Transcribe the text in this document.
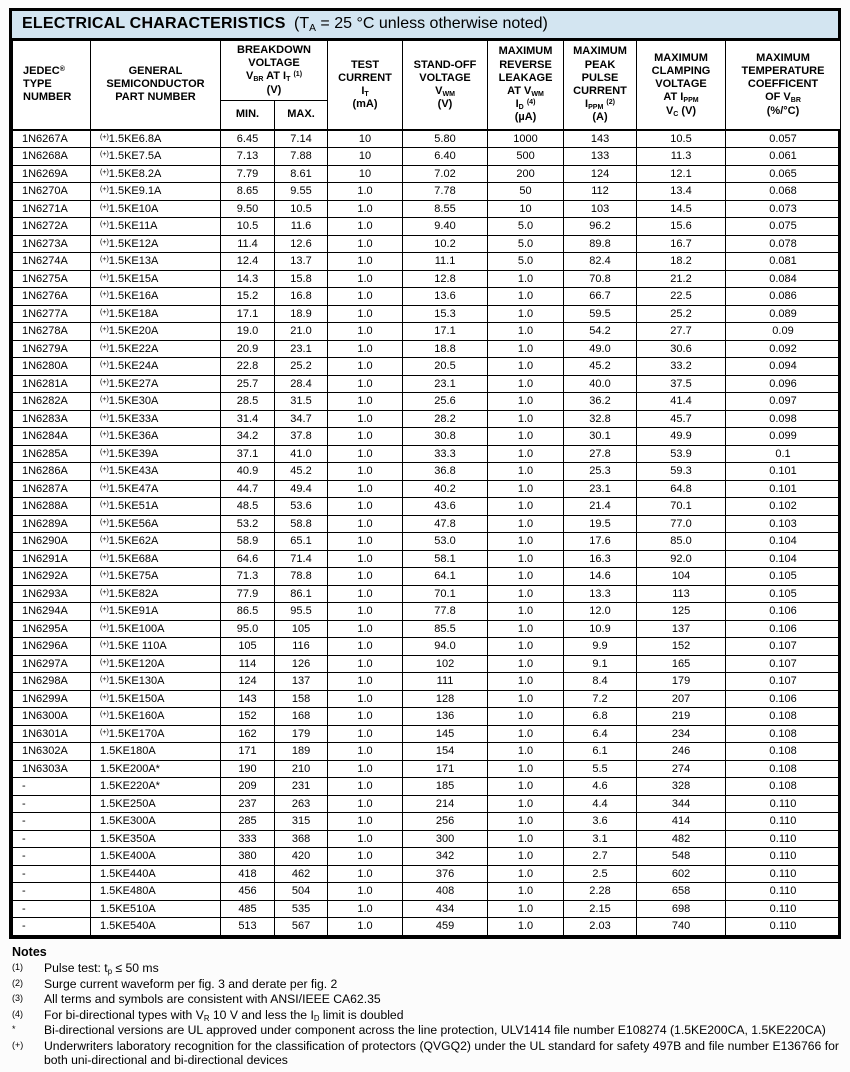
ELECTRICAL CHARACTERISTICS ($T_A = 25$ °C unless otherwise noted)
JEDEC®
TYPE
NUMBER	GENERAL
SEMICONDUCTOR
PART NUMBER	BREAKDOWN
VOLTAGE
$V_{BR}$ AT $I_T$ $^{(1)}$
(V)	TEST
CURRENT
$I_T$
(mA)	STAND-OFF
VOLTAGE
$V_{WM}$
(V)	MAXIMUM
REVERSE
LEAKAGE
AT $V_{WM}$
$I_D$ $^{(4)}$
(µA)	MAXIMUM
PEAK
PULSE
CURRENT
$I_{PPM}$ $^{(2)}$
(A)	MAXIMUM
CLAMPING
VOLTAGE
AT $I_{PPM}$
$V_C$ (V)	MAXIMUM
TEMPERATURE
COEFFICENT
OF $V_{BR}$
(%/°C)
		MIN.	MAX.						
1N6267A	(+)1.5KE6.8A	6.45	7.14	10	5.80	1000	143	10.5	0.057
1N6268A	(+)1.5KE7.5A	7.13	7.88	10	6.40	500	133	11.3	0.061
1N6269A	(+)1.5KE8.2A	7.79	8.61	10	7.02	200	124	12.1	0.065
1N6270A	(+)1.5KE9.1A	8.65	9.55	1.0	7.78	50	112	13.4	0.068
1N6271A	(+)1.5KE10A	9.50	10.5	1.0	8.55	10	103	14.5	0.073
1N6272A	(+)1.5KE11A	10.5	11.6	1.0	9.40	5.0	96.2	15.6	0.075
1N6273A	(+)1.5KE12A	11.4	12.6	1.0	10.2	5.0	89.8	16.7	0.078
1N6274A	(+)1.5KE13A	12.4	13.7	1.0	11.1	5.0	82.4	18.2	0.081
1N6275A	(+)1.5KE15A	14.3	15.8	1.0	12.8	1.0	70.8	21.2	0.084
1N6276A	(+)1.5KE16A	15.2	16.8	1.0	13.6	1.0	66.7	22.5	0.086
1N6277A	(+)1.5KE18A	17.1	18.9	1.0	15.3	1.0	59.5	25.2	0.089
1N6278A	(+)1.5KE20A	19.0	21.0	1.0	17.1	1.0	54.2	27.7	0.09
1N6279A	(+)1.5KE22A	20.9	23.1	1.0	18.8	1.0	49.0	30.6	0.092
1N6280A	(+)1.5KE24A	22.8	25.2	1.0	20.5	1.0	45.2	33.2	0.094
1N6281A	(+)1.5KE27A	25.7	28.4	1.0	23.1	1.0	40.0	37.5	0.096
1N6282A	(+)1.5KE30A	28.5	31.5	1.0	25.6	1.0	36.2	41.4	0.097
1N6283A	(+)1.5KE33A	31.4	34.7	1.0	28.2	1.0	32.8	45.7	0.098
1N6284A	(+)1.5KE36A	34.2	37.8	1.0	30.8	1.0	30.1	49.9	0.099
1N6285A	(+)1.5KE39A	37.1	41.0	1.0	33.3	1.0	27.8	53.9	0.1
1N6286A	(+)1.5KE43A	40.9	45.2	1.0	36.8	1.0	25.3	59.3	0.101
1N6287A	(+)1.5KE47A	44.7	49.4	1.0	40.2	1.0	23.1	64.8	0.101
1N6288A	(+)1.5KE51A	48.5	53.6	1.0	43.6	1.0	21.4	70.1	0.102
1N6289A	(+)1.5KE56A	53.2	58.8	1.0	47.8	1.0	19.5	77.0	0.103
1N6290A	(+)1.5KE62A	58.9	65.1	1.0	53.0	1.0	17.6	85.0	0.104
1N6291A	(+)1.5KE68A	64.6	71.4	1.0	58.1	1.0	16.3	92.0	0.104
1N6292A	(+)1.5KE75A	71.3	78.8	1.0	64.1	1.0	14.6	104	0.105
1N6293A	(+)1.5KE82A	77.9	86.1	1.0	70.1	1.0	13.3	113	0.105
1N6294A	(+)1.5KE91A	86.5	95.5	1.0	77.8	1.0	12.0	125	0.106
1N6295A	(+)1.5KE100A	95.0	105	1.0	85.5	1.0	10.9	137	0.106
1N6296A	(+)1.5KE 110A	105	116	1.0	94.0	1.0	9.9	152	0.107
1N6297A	(+)1.5KE120A	114	126	1.0	102	1.0	9.1	165	0.107
1N6298A	(+)1.5KE130A	124	137	1.0	111	1.0	8.4	179	0.107
1N6299A	(+)1.5KE150A	143	158	1.0	128	1.0	7.2	207	0.106
1N6300A	(+)1.5KE160A	152	168	1.0	136	1.0	6.8	219	0.108
1N6301A	(+)1.5KE170A	162	179	1.0	145	1.0	6.4	234	0.108
1N6302A	1.5KE180A	171	189	1.0	154	1.0	6.1	246	0.108
1N6303A	1.5KE200A*	190	210	1.0	171	1.0	5.5	274	0.108
-	1.5KE220A*	209	231	1.0	185	1.0	4.6	328	0.108
-	1.5KE250A	237	263	1.0	214	1.0	4.4	344	0.110
-	1.5KE300A	285	315	1.0	256	1.0	3.6	414	0.110
-	1.5KE350A	333	368	1.0	300	1.0	3.1	482	0.110
-	1.5KE400A	380	420	1.0	342	1.0	2.7	548	0.110
-	1.5KE440A	418	462	1.0	376	1.0	2.5	602	0.110
-	1.5KE480A	456	504	1.0	408	1.0	2.28	658	0.110
-	1.5KE510A	485	535	1.0	434	1.0	2.15	698	0.110
-	1.5KE540A	513	567	1.0	459	1.0	2.03	740	0.110
Notes
(1)	Pulse test: $t_p \le 50$ ms
(2)	Surge current waveform per fig. 3 and derate per fig. 2
(3)	All terms and symbols are consistent with ANSI/IEEE CA62.35
(4)	For bi-directional types with $V_R$ 10 V and less the $I_D$ limit is doubled
*	Bi-directional versions are UL approved under component across the line protection, ULV1414 file number E108274 (1.5KE200CA, 1.5KE220CA)
(+)	Underwriters laboratory recognition for the classification of protectors (QVGQ2) under the UL standard for safety 497B and file number E136766 for both uni-directional and bi-directional devices
